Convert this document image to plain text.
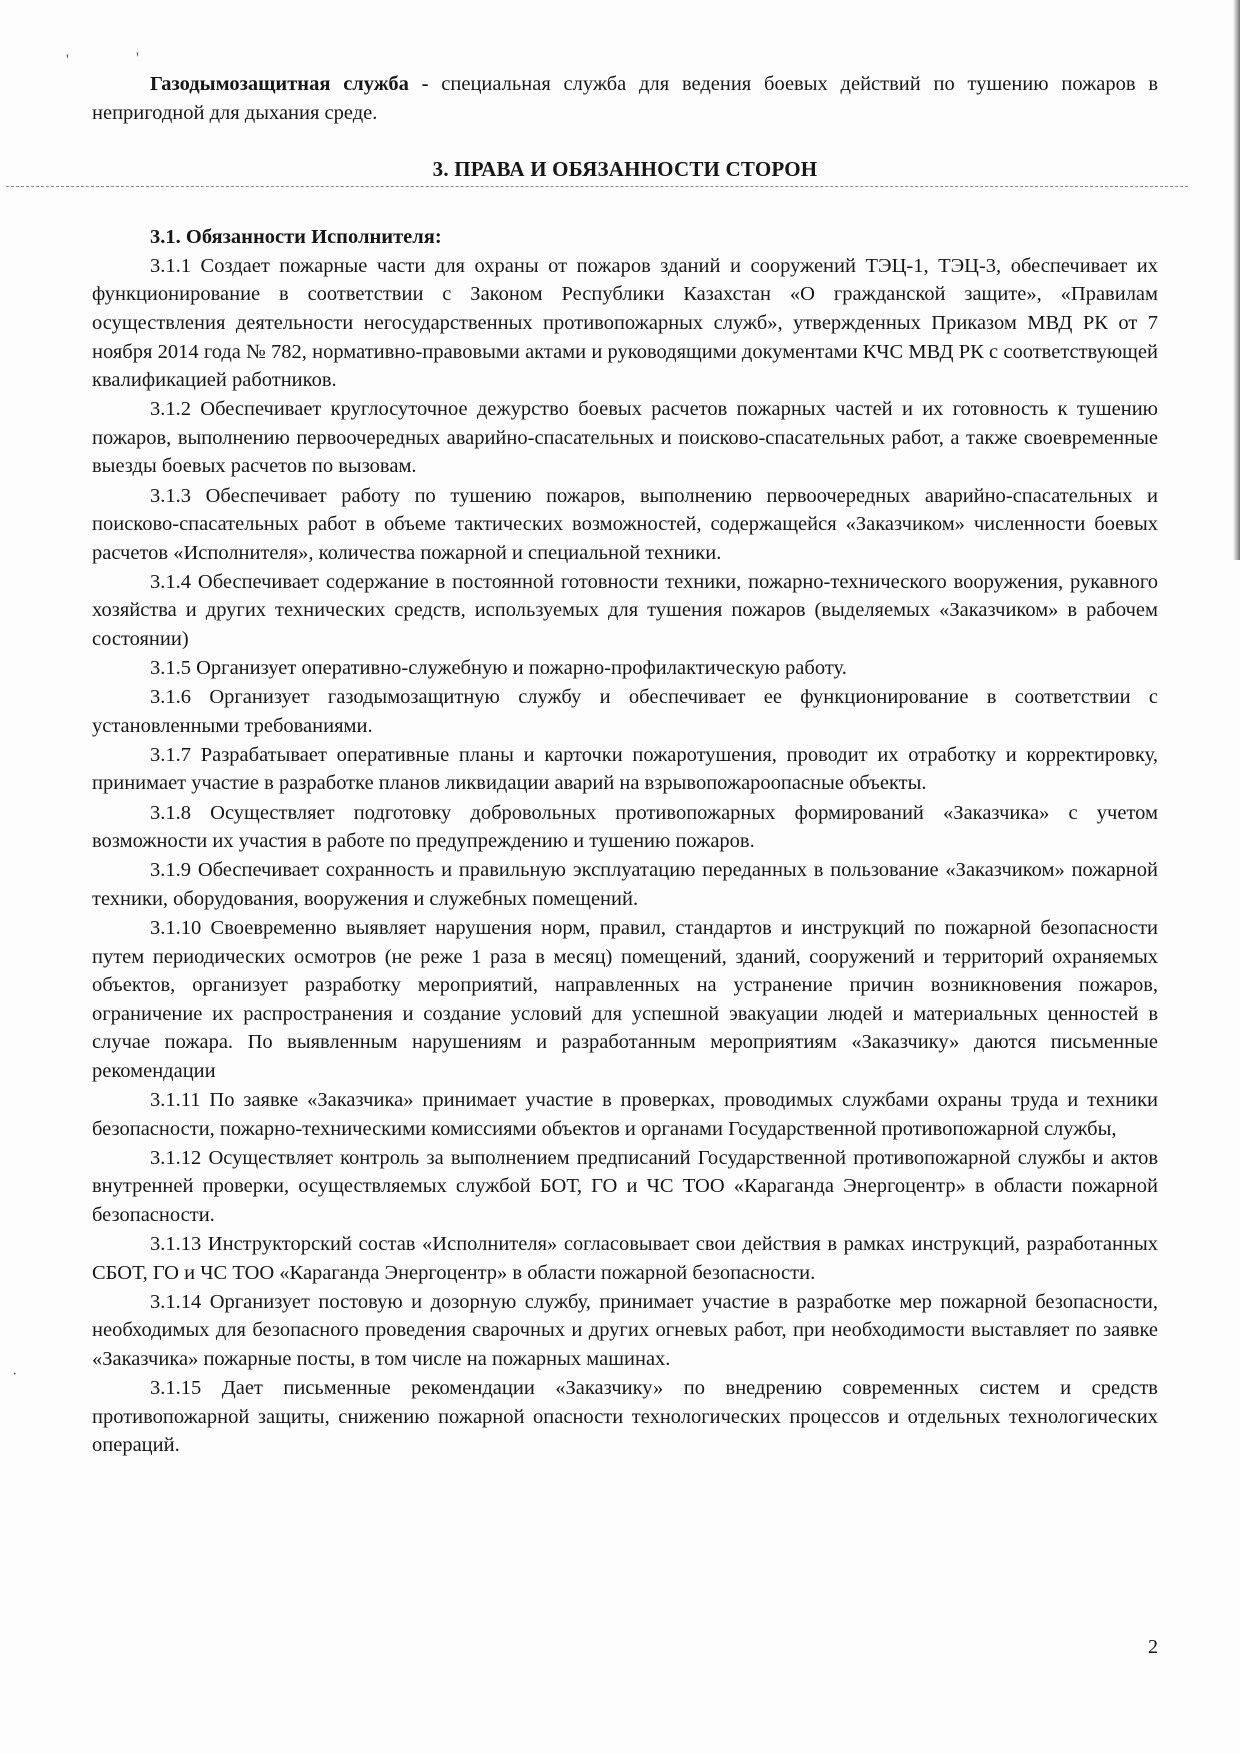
'	'
·

Газодымозащитная служба - специальная служба для ведения боевых действий по тушению пожаров в непригодной для дыхания среде.

3. ПРАВА И ОБЯЗАННОСТИ СТОРОН

3.1. Обязанности Исполнителя:

3.1.1 Создает пожарные части для охраны от пожаров зданий и сооружений ТЭЦ-1, ТЭЦ-3, обеспечивает их функционирование в соответствии с Законом Республики Казахстан «О гражданской защите», «Правилам осуществления деятельности негосударственных противопожарных служб», утвержденных Приказом МВД РК от 7 ноября 2014 года № 782, нормативно-правовыми актами и руководящими документами КЧС МВД РК с соответствующей квалификацией работников.

3.1.2 Обеспечивает круглосуточное дежурство боевых расчетов пожарных частей и их готовность к тушению пожаров, выполнению первоочередных аварийно-спасательных и поисково-спасательных работ, а также своевременные выезды боевых расчетов по вызовам.

3.1.3 Обеспечивает работу по тушению пожаров, выполнению первоочередных аварийно-спасательных и поисково-спасательных работ в объеме тактических возможностей, содержащейся «Заказчиком» численности боевых расчетов «Исполнителя», количества пожарной и специальной техники.

3.1.4 Обеспечивает содержание в постоянной готовности техники, пожарно-технического вооружения, рукавного хозяйства и других технических средств, используемых для тушения пожаров (выделяемых «Заказчиком» в рабочем состоянии)

3.1.5 Организует оперативно-служебную и пожарно-профилактическую работу.

3.1.6 Организует газодымозащитную службу и обеспечивает ее функционирование в соответствии с установленными требованиями.

3.1.7 Разрабатывает оперативные планы и карточки пожаротушения, проводит их отработку и корректировку, принимает участие в разработке планов ликвидации аварий на взрывопожароопасные объекты.

3.1.8 Осуществляет подготовку добровольных противопожарных формирований «Заказчика» с учетом возможности их участия в работе по предупреждению и тушению пожаров.

3.1.9 Обеспечивает сохранность и правильную эксплуатацию переданных в пользование «Заказчиком» пожарной техники, оборудования, вооружения и служебных помещений.

3.1.10 Своевременно выявляет нарушения норм, правил, стандартов и инструкций по пожарной безопасности путем периодических осмотров (не реже 1 раза в месяц) помещений, зданий, сооружений и территорий охраняемых объектов, организует разработку мероприятий, направленных на устранение причин возникновения пожаров, ограничение их распространения и создание условий для успешной эвакуации людей и материальных ценностей в случае пожара. По выявленным нарушениям и разработанным мероприятиям «Заказчику» даются письменные рекомендации

3.1.11 По заявке «Заказчика» принимает участие в проверках, проводимых службами охраны труда и техники безопасности, пожарно-техническими комиссиями объектов и органами Государственной противопожарной службы,

3.1.12 Осуществляет контроль за выполнением предписаний Государственной противопожарной службы и актов внутренней проверки, осуществляемых службой БОТ, ГО и ЧС ТОО «Караганда Энергоцентр» в области пожарной безопасности.

3.1.13 Инструкторский состав «Исполнителя» согласовывает свои действия в рамках инструкций, разработанных СБОТ, ГО и ЧС ТОО «Караганда Энергоцентр» в области пожарной безопасности.

3.1.14 Организует постовую и дозорную службу, принимает участие в разработке мер пожарной безопасности, необходимых для безопасного проведения сварочных и других огневых работ, при необходимости выставляет по заявке «Заказчика» пожарные посты, в том числе на пожарных машинах.

3.1.15 Дает письменные рекомендации «Заказчику» по внедрению современных систем и средств противопожарной защиты, снижению пожарной опасности технологических процессов и отдельных технологических операций.

2
